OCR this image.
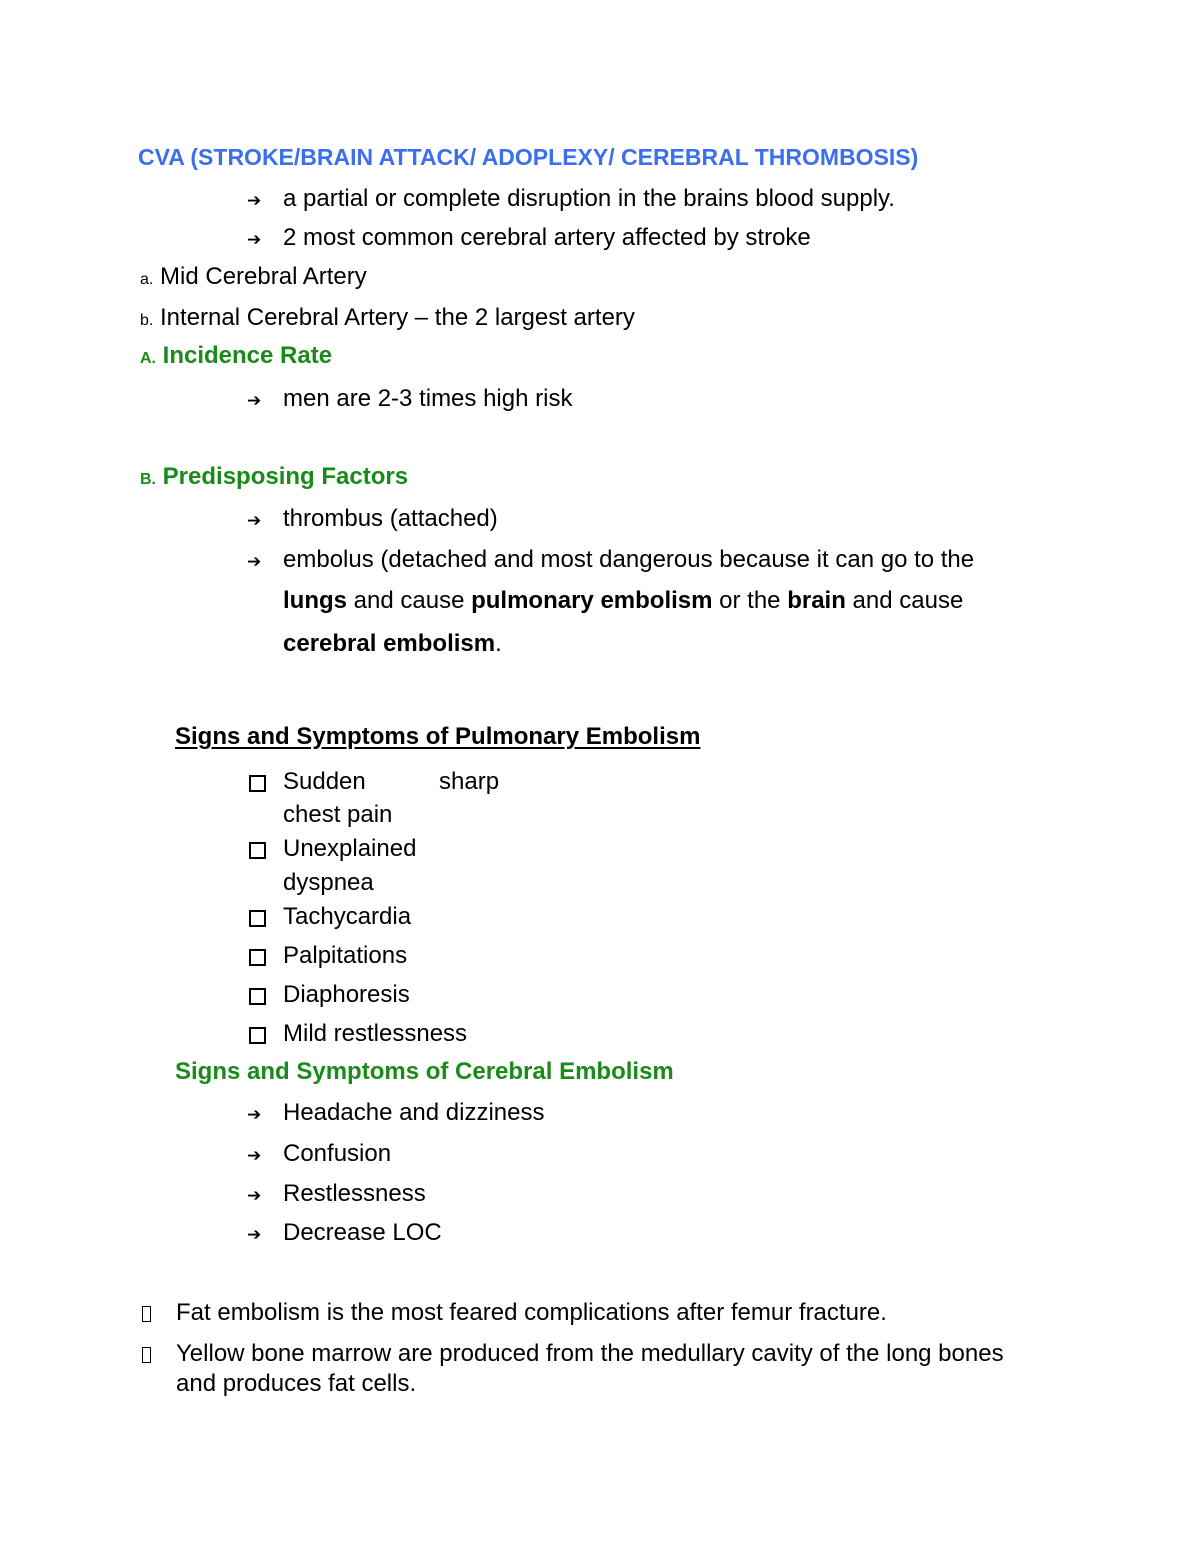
CVA (STROKE/BRAIN ATTACK/ ADOPLEXY/ CEREBRAL THROMBOSIS)
➔ a partial or complete disruption in the brains blood supply.
➔ 2 most common cerebral artery affected by stroke
a. Mid Cerebral Artery
b. Internal Cerebral Artery – the 2 largest artery
A. Incidence Rate
➔ men are 2-3 times high risk
B. Predisposing Factors
➔ thrombus (attached)
➔ embolus (detached and most dangerous because it can go to the
lungs and cause pulmonary embolism or the brain and cause
cerebral embolism.
Signs and Symptoms of Pulmonary Embolism
Sudden	sharp
chest pain
Unexplained
dyspnea
Tachycardia
Palpitations
Diaphoresis
Mild restlessness
Signs and Symptoms of Cerebral Embolism
➔ Headache and dizziness
➔ Confusion
➔ Restlessness
➔ Decrease LOC
Fat embolism is the most feared complications after femur fracture.
Yellow bone marrow are produced from the medullary cavity of the long bones
and produces fat cells.
